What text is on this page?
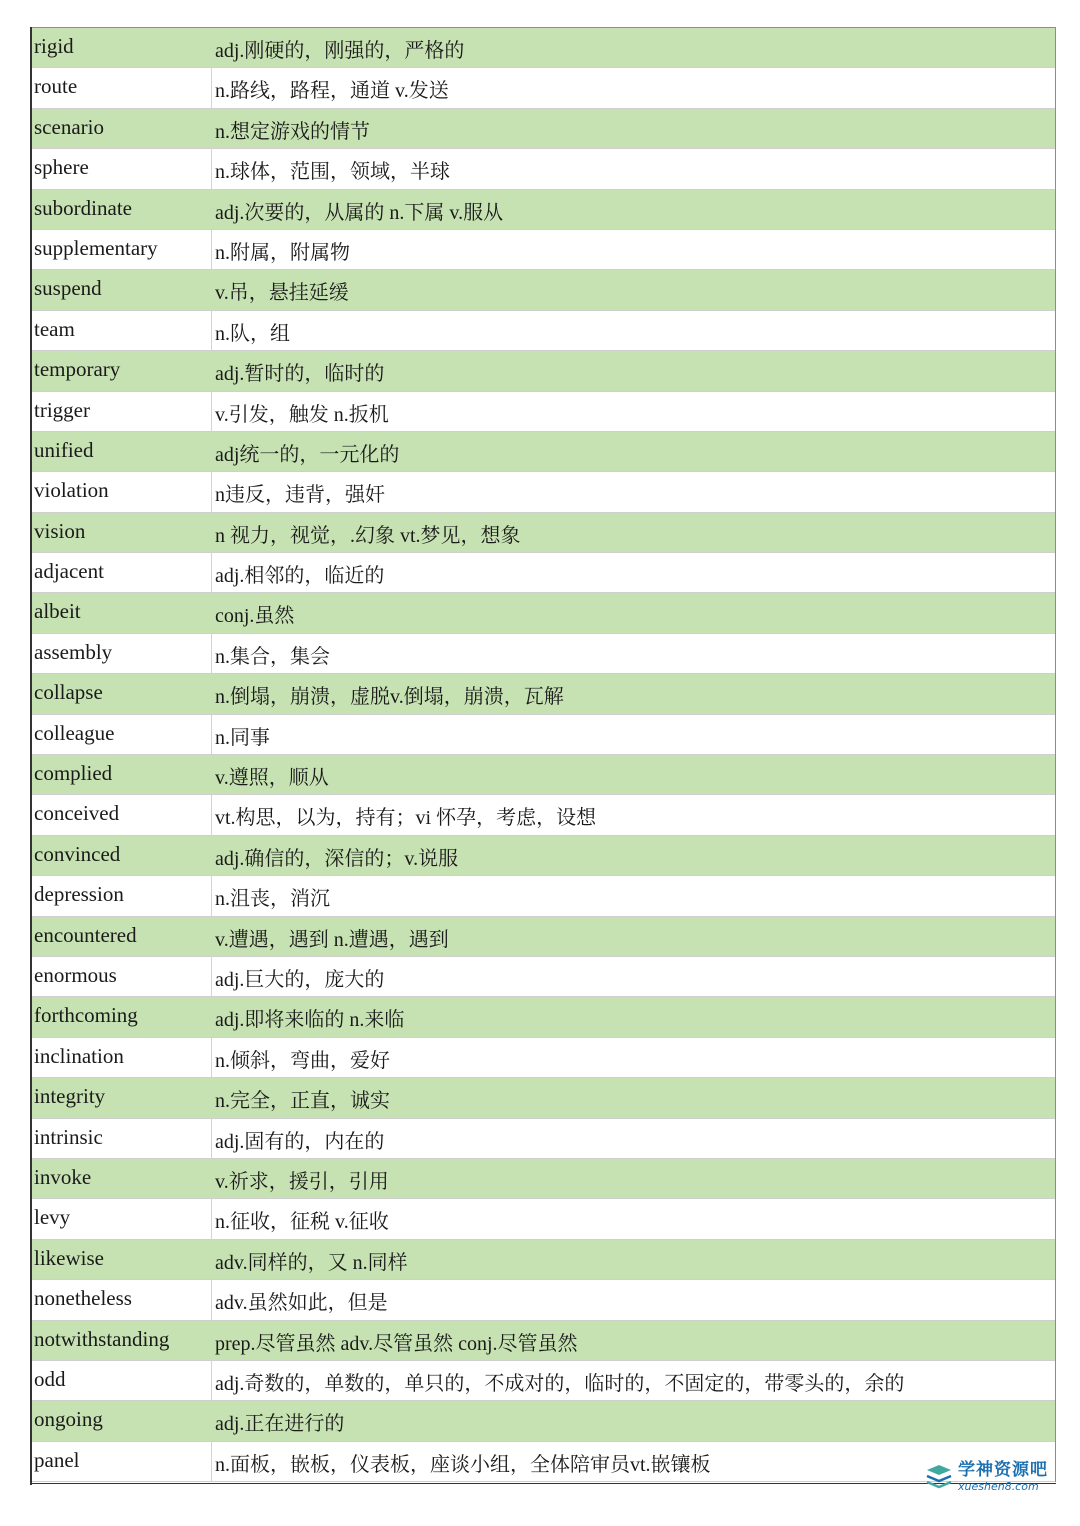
rigid	adj.刚硬的，刚强的，严格的
route	n.路线，路程，通道 v.发送
scenario	n.想定游戏的情节
sphere	n.球体，范围，领域，半球
subordinate	adj.次要的，从属的 n.下属 v.服从
supplementary	n.附属，附属物
suspend	v.吊，悬挂延缓
team	n.队，组
temporary	adj.暂时的，临时的
trigger	v.引发，触发 n.扳机
unified	adj统一的，一元化的
violation	n违反，违背，强奸
vision	n 视力，视觉，.幻象 vt.梦见，想象
adjacent	adj.相邻的，临近的
albeit	conj.虽然
assembly	n.集合，集会
collapse	n.倒塌，崩溃，虚脱v.倒塌，崩溃，瓦解
colleague	n.同事
complied	v.遵照，顺从
conceived	vt.构思，以为，持有；vi 怀孕，考虑，设想
convinced	adj.确信的，深信的；v.说服
depression	n.沮丧，消沉
encountered	v.遭遇，遇到 n.遭遇，遇到
enormous	adj.巨大的，庞大的
forthcoming	adj.即将来临的 n.来临
inclination	n.倾斜，弯曲，爱好
integrity	n.完全，正直，诚实
intrinsic	adj.固有的，内在的
invoke	v.祈求，援引，引用
levy	n.征收，征税 v.征收
likewise	adv.同样的，又 n.同样
nonetheless	adv.虽然如此，但是
notwithstanding	prep.尽管虽然 adv.尽管虽然 conj.尽管虽然
odd	adj.奇数的，单数的，单只的，不成对的，临时的，不固定的，带零头的，余的
ongoing	adj.正在进行的
panel	n.面板，嵌板，仪表板，座谈小组，全体陪审员vt.嵌镶板	学神资源吧
xueshen8.com
